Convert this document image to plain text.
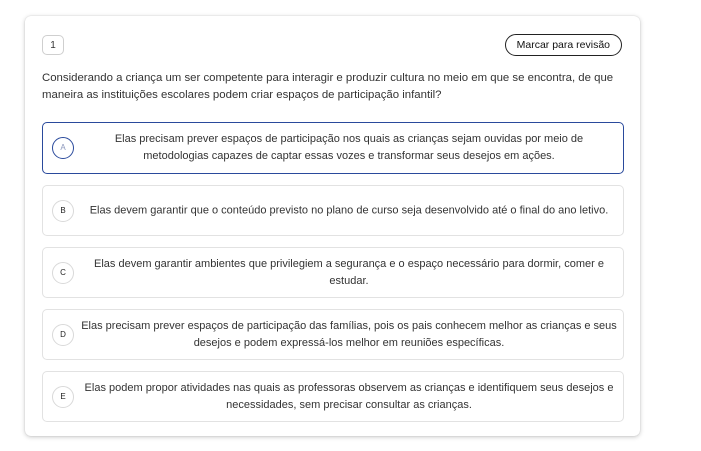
1	Marcar para revisão
Considerando a criança um ser competente para interagir e produzir cultura no meio em que se encontra, de que maneira as instituições escolares podem criar espaços de participação infantil?
A
Elas precisam prever espaços de participação nos quais as crianças sejam ouvidas por meio de metodologias capazes de captar essas vozes e transformar seus desejos em ações.
B	Elas devem garantir que o conteúdo previsto no plano de curso seja desenvolvido até o final do ano letivo.
C
Elas devem garantir ambientes que privilegiem a segurança e o espaço necessário para dormir, comer e estudar.
D
Elas precisam prever espaços de participação das famílias, pois os pais conhecem melhor as crianças e seus desejos e podem expressá-los melhor em reuniões específicas.
E
Elas podem propor atividades nas quais as professoras observem as crianças e identifiquem seus desejos e necessidades, sem precisar consultar as crianças.
